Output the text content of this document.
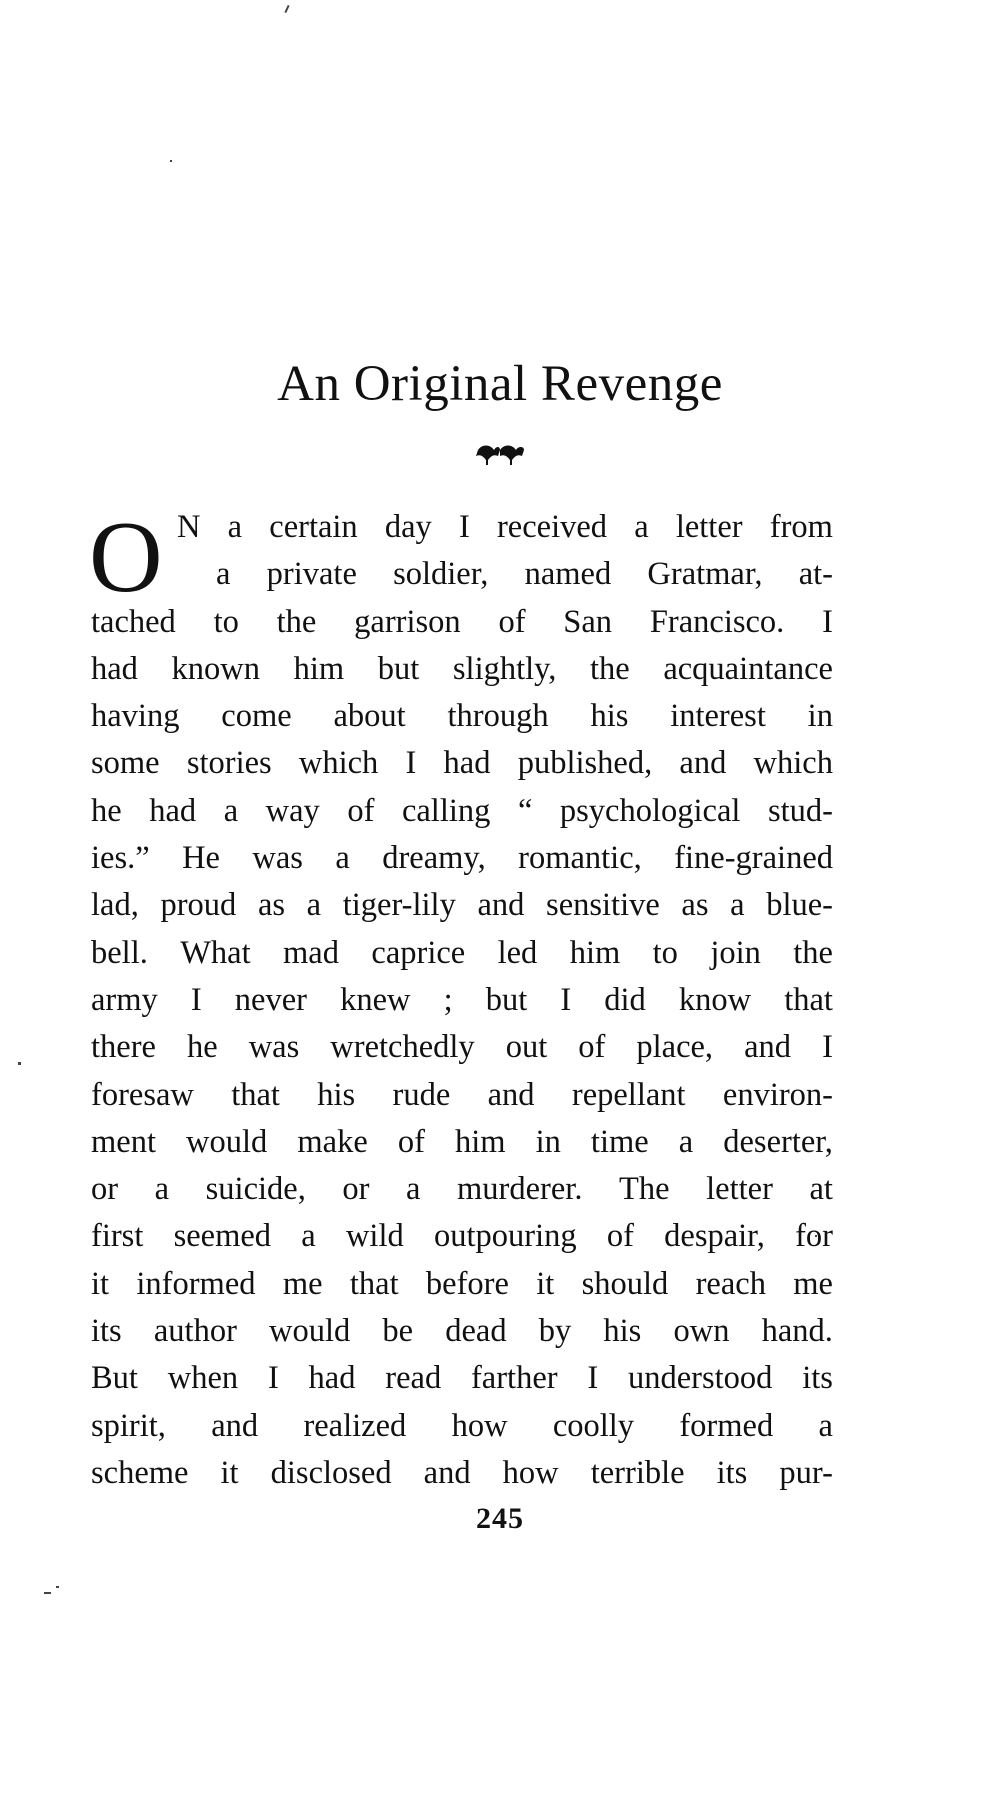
An Original Revenge
O N a certain day I received a letter from
a private soldier, named Gratmar, at-
tached to the garrison of San Francisco. I
had known him but slightly, the acquaintance
having come about through his interest in
some stories which I had published, and which
he had a way of calling “ psychological stud-
ies.” He was a dreamy, romantic, fine-grained
lad, proud as a tiger-lily and sensitive as a blue-
bell. What mad caprice led him to join the
army I never knew ; but I did know that
there he was wretchedly out of place, and I
foresaw that his rude and repellant environ-
ment would make of him in time a deserter,
or a suicide, or a murderer. The letter at
first seemed a wild outpouring of despair, for
it informed me that before it should reach me
its author would be dead by his own hand.
But when I had read farther I understood its
spirit, and realized how coolly formed a
scheme it disclosed and how terrible its pur-
245
